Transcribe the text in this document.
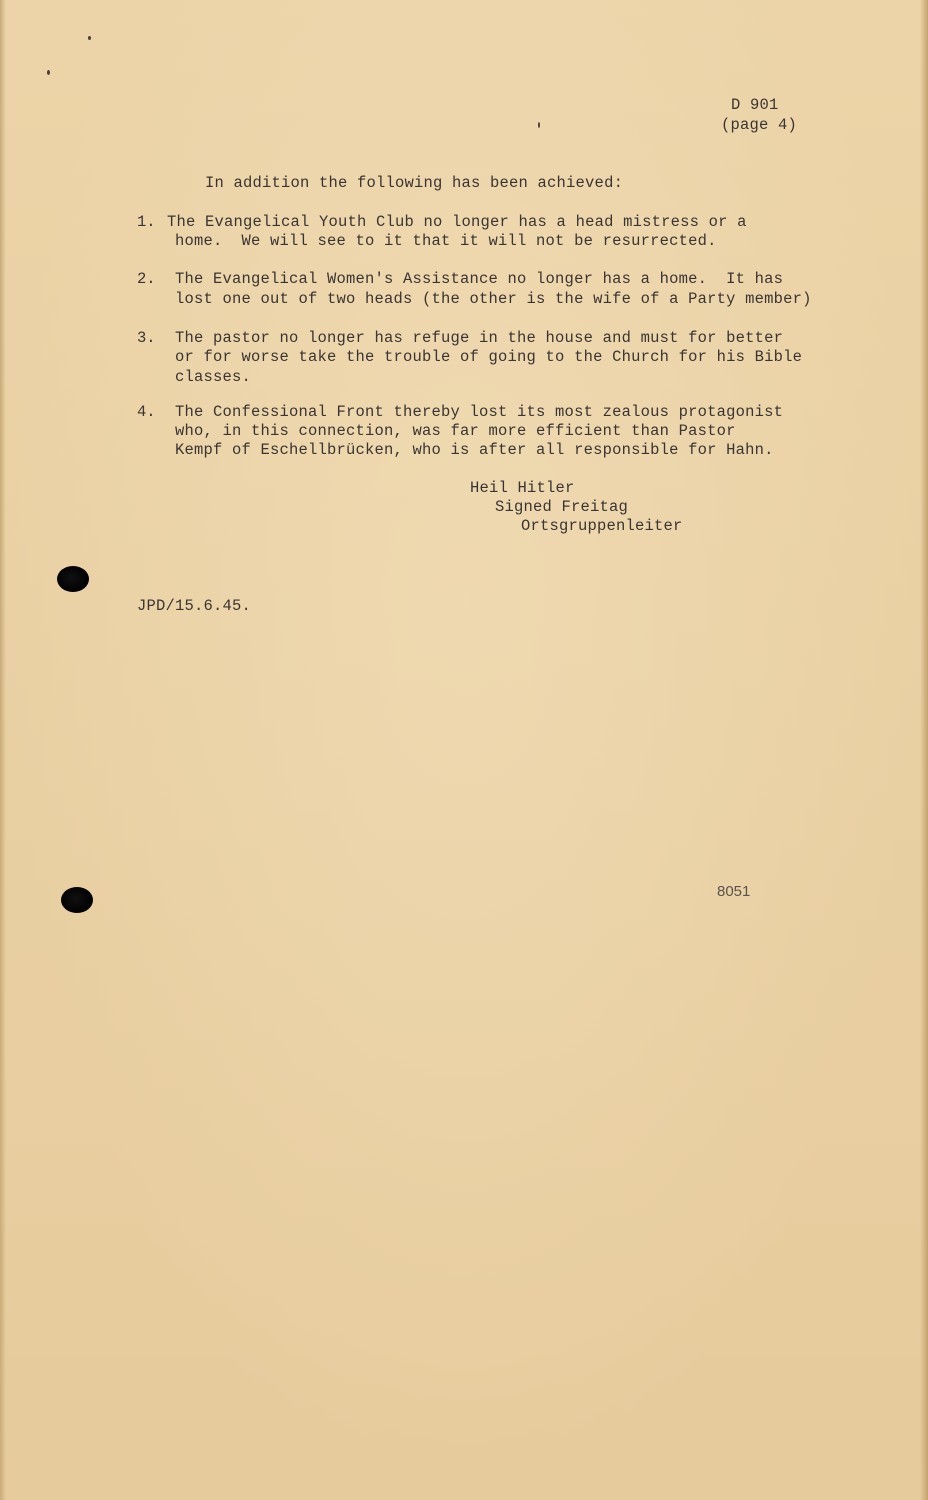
D 901
(page 4)
In addition the following has been achieved:
1. The Evangelical Youth Club no longer has a head mistress or a
home.  We will see to it that it will not be resurrected.
2. The Evangelical Women's Assistance no longer has a home.  It has
lost one out of two heads (the other is the wife of a Party member)
3. The pastor no longer has refuge in the house and must for better
or for worse take the trouble of going to the Church for his Bible
classes.
4. The Confessional Front thereby lost its most zealous protagonist
who, in this connection, was far more efficient than Pastor
Kempf of Eschellbrücken, who is after all responsible for Hahn.
Heil Hitler
Signed Freitag
Ortsgruppenleiter
JPD/15.6.45.
8051
